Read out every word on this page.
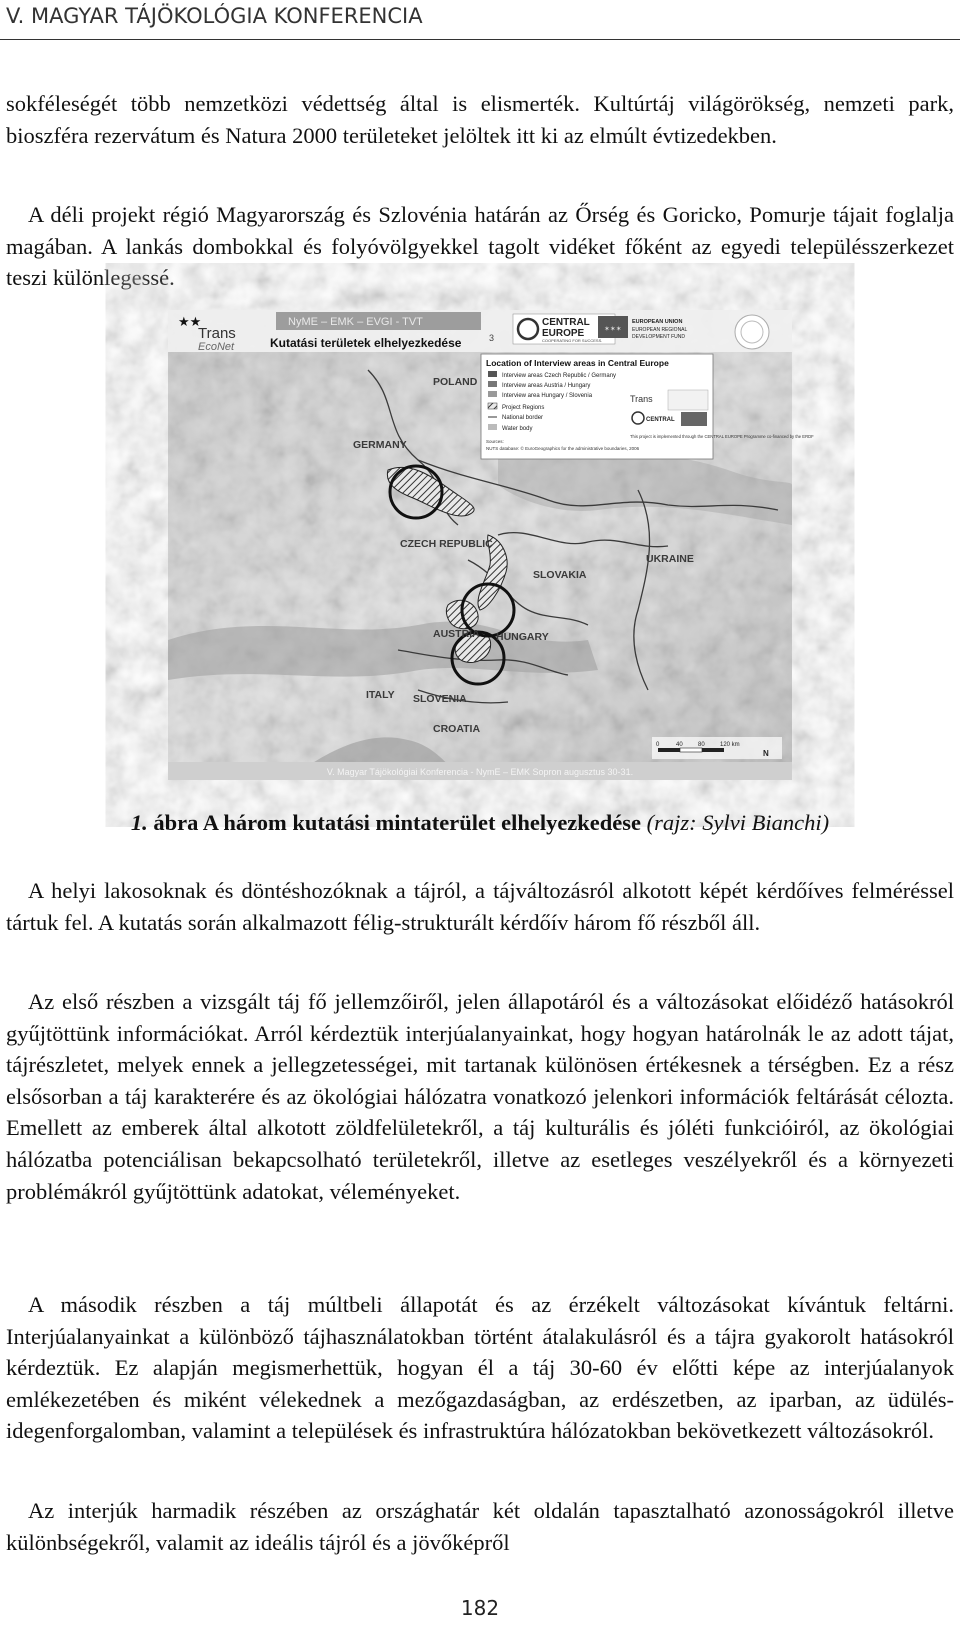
V. MAGYAR TÁJÖKOLÓGIA KONFERENCIA

sokféleségét több nemzetközi védettség által is elismerték. Kultúrtáj világörökség, nemzeti park, bioszféra rezervátum és Natura 2000 területeket jelöltek itt ki az elmúlt évtizedekben.

A déli projekt régió Magyarország és Szlovénia határán az Őrség és Goricko, Pomurje tájait foglalja magában. A lankás dombokkal és folyóvölgyekkel tagolt vidéket főként az egyedi településszerkezet teszi különlegessé.

POLAND
GERMANY
CZECH REPUBLIC
SLOVAKIA
UKRAINE
AUSTRIA HUNGARY
ITALY SLOVENIA
CROATIA
★★
Trans
EcoNet
NyME – EMK – EVGI - TVT
Kutatási területek elhelyezkedése	3
CENTRAL
EUROPE
COOPERATING FOR SUCCESS.
✶✶✶
EUROPEAN UNION
EUROPEAN REGIONAL
DEVELOPMENT FUND
Location of Interview areas in Central Europe
Interview areas Czech Republic / Germany
Interview areas Austria / Hungary
Interview area Hungary / Slovenia
Project Regions
National border
Water body
Sources:
NUTS database: © EuroGeographics for the administrative boundaries, 2006
Trans
CENTRAL
This project is implemented through the CENTRAL EUROPE Programme co-financed by the ERDF
0	40	80	120 km
N
V. Magyar Tájökológiai Konferencia - NymE – EMK Sopron augusztus 30-31.
1. ábra A három kutatási mintaterület elhelyezkedése (rajz: Sylvi Bianchi)

A helyi lakosoknak és döntéshozóknak a tájról, a tájváltozásról alkotott képét kérdőíves felméréssel tártuk fel. A kutatás során alkalmazott félig-strukturált kérdőív három fő részből áll.

Az első részben a vizsgált táj fő jellemzőiről, jelen állapotáról és a változásokat előidéző hatásokról gyűjtöttünk információkat. Arról kérdeztük interjúalanyainkat, hogy hogyan határolnák le az adott tájat, tájrészletet, melyek ennek a jellegzetességei, mit tartanak különösen értékesnek a térségben. Ez a rész elsősorban a táj karakterére és az ökológiai hálózatra vonatkozó jelenkori információk feltárását célozta. Emellett az emberek által alkotott zöldfelületekről, a táj kulturális és jóléti funkcióiról, az ökológiai hálózatba potenciálisan bekapcsolható területekről, illetve az esetleges veszélyekről és a környezeti problémákról gyűjtöttünk adatokat, véleményeket.

A második részben a táj múltbeli állapotát és az érzékelt változásokat kívántuk feltárni. Interjúalanyainkat a különböző tájhasználatokban történt átalakulásról és a tájra gyakorolt hatásokról kérdeztük. Ez alapján megismerhettük, hogyan él a táj 30-60 év előtti képe az interjúalanyok emlékezetében és miként vélekednek a mezőgazdaságban, az erdészetben, az iparban, az üdülés-idegenforgalomban, valamint a települések és infrastruktúra hálózatokban bekövetkezett változásokról.

Az interjúk harmadik részében az országhatár két oldalán tapasztalható azonosságokról illetve különbségekről, valamit az ideális tájról és a jövőképről

182
